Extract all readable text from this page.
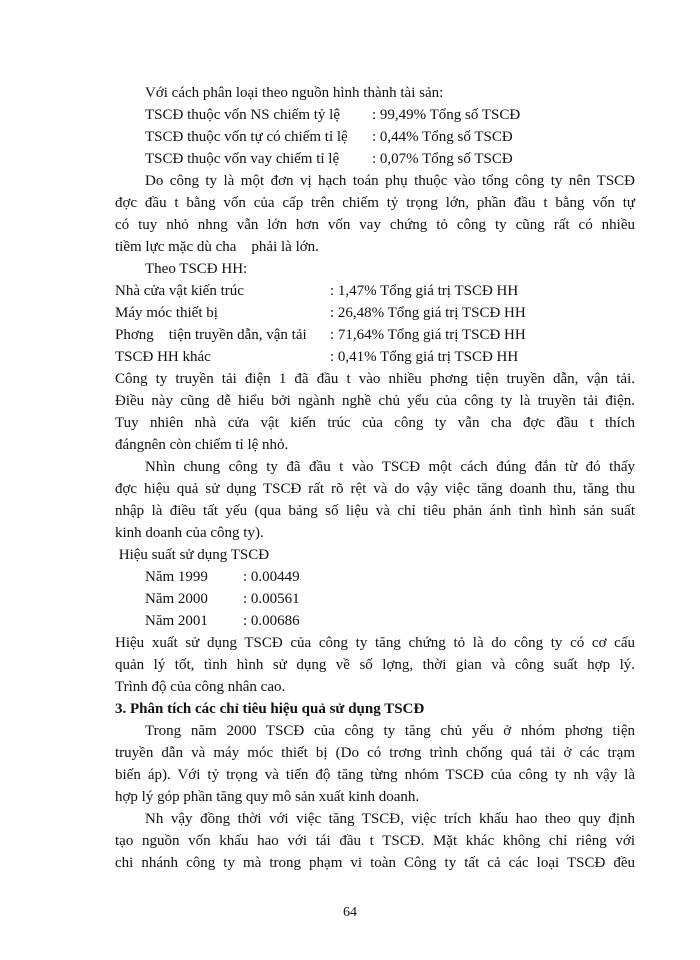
Với cách phân loại theo nguồn hình thành tài sản:
TSCĐ thuộc vốn NS chiếm tỷ lệ : 99,49% Tổng số TSCĐ
TSCĐ thuộc vốn tự có chiếm tỉ lệ : 0,44% Tổng số TSCĐ
TSCĐ thuộc vốn vay chiếm tỉ lệ : 0,07% Tổng số TSCĐ
Do công ty là một đơn vị hạch toán phụ thuộc vào tổng công ty nên TSCĐ
đợc đầu t bằng vốn của cấp trên chiếm tỷ trọng lớn, phần đầu t bằng vốn tự
có tuy nhỏ nhng vẫn lớn hơn vốn vay chứng tỏ công ty cũng rất có nhiều
tiềm lực mặc dù cha    phải là lớn.
Theo TSCĐ HH:
Nhà cửa vật kiến trúc	: 1,47% Tổng giá trị TSCĐ HH
Máy móc thiết bị	: 26,48% Tổng giá trị TSCĐ HH
Phơng    tiện truyền dẫn, vận tải : 71,64% Tổng giá trị TSCĐ HH
TSCĐ HH khác	: 0,41% Tổng giá trị TSCĐ HH
Công ty truyền tải điện 1 đã đầu t vào nhiều phơng tiện truyền dẫn, vận tải.
Điều này cũng dễ hiểu bởi ngành nghề chủ yếu của công ty là truyền tải điện.
Tuy nhiên nhà cửa vật kiến trúc của công ty vẫn cha đợc đầu t thích
đángnên còn chiếm tỉ lệ nhỏ.
Nhìn chung công ty đã đầu t vào TSCĐ một cách đúng đắn từ đó thấy
đợc hiệu quả sử dụng TSCĐ rất rõ rệt và do vậy việc tăng doanh thu, tăng thu
nhập là điều tất yếu (qua bảng số liệu và chỉ tiêu phản ánh tình hình sản suất
kinh doanh của công ty).
Hiệu suất sử dụng TSCĐ
Năm 1999 : 0.00449
Năm 2000 : 0.00561
Năm 2001 : 0.00686
Hiệu xuất sử dụng TSCĐ của công ty tăng chứng tỏ là do công ty có cơ cấu
quản lý tốt, tình hình sử dụng về số lợng, thời gian và công suất hợp lý.
Trình độ của công nhân cao.
3. Phân tích các chỉ tiêu hiệu quả sử dụng TSCĐ
Trong năm 2000 TSCĐ của công ty tăng chủ yếu ở nhóm phơng tiện
truyền dẫn và máy móc thiết bị (Do có trơng trình chống quá tải ở các trạm
biến áp). Với tỷ trọng và tiến độ tăng từng nhóm TSCĐ của công ty nh vậy là
hợp lý góp phần tăng quy mô sản xuất kinh doanh.
Nh vậy đồng thời với việc tăng TSCĐ, việc trích khấu hao theo quy định
tạo nguồn vốn khấu hao với tái đầu t TSCĐ. Mặt khác không chỉ riêng với
chi nhánh công ty mà trong phạm vi toàn Công ty tất cả các loại TSCĐ đều
64
